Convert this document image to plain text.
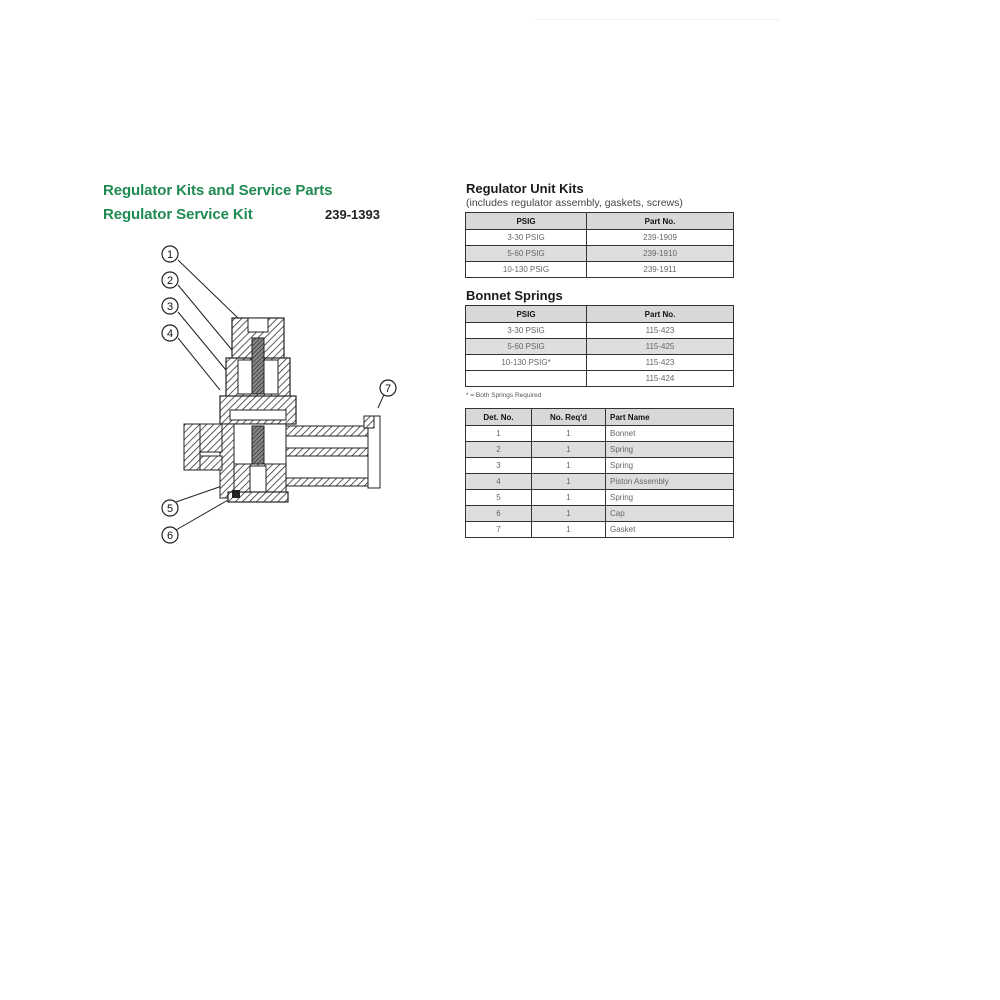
Regulator Kits and Service Parts
Regulator Service Kit	239-1393
1
2
3
4
5
6
7
Regulator Unit Kits
(includes regulator assembly, gaskets, screws)
PSIG	Part No.
3-30 PSIG	239-1909
5-60 PSIG	239-1910
10-130 PSIG	239-1911
Bonnet Springs
PSIG	Part No.
3-30 PSIG	115-423
5-60 PSIG	115-425
10-130 PSIG*	115-423
	115-424
* = Both Springs Required
Det. No.	No. Req'd	Part Name
1	1	Bonnet
2	1	Spring
3	1	Spring
4	1	Piston Assembly
5	1	Spring
6	1	Cap
7	1	Gasket
